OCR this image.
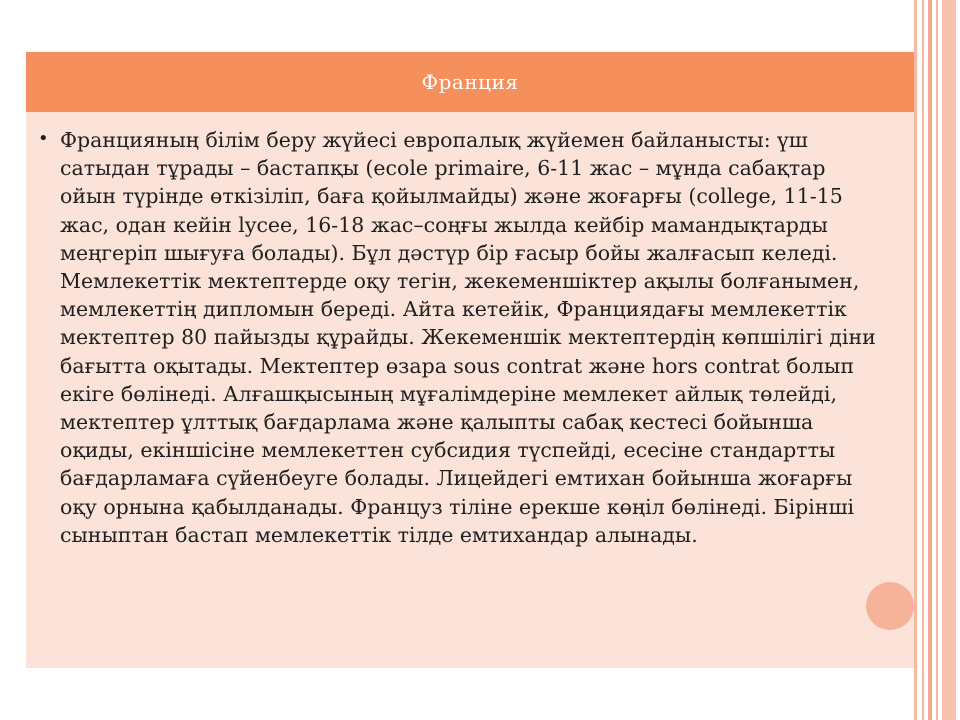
Франция
• Францияның білім беру жүйесі европалық жүйемен байланысты: үш сатыдан тұрады – бастапқы (ecole primaire, 6-11 жас – мұнда сабақтар ойын түрінде өткізіліп, баға қойылмайды) және жоғарғы (college, 11-15 жас, одан кейін lycee, 16-18 жас–соңғы жылда кейбір мамандықтарды меңгеріп шығуға болады). Бұл дәстүр бір ғасыр бойы жалғасып келеді. Мемлекеттік мектептерде оқу тегін, жекеменшіктер ақылы болғанымен, мемлекеттің дипломын береді. Айта кетейік, Франциядағы мемлекеттік мектептер 80 пайызды құрайды. Жекеменшік мектептердің көпшілігі діни бағытта оқытады. Мектептер өзара sous contrat және hors contrat болып екіге бөлінеді. Алғашқысының мұғалімдеріне мемлекет айлық төлейді, мектептер ұлттық бағдарлама және қалыпты сабақ кестесі бойынша оқиды, екіншісіне мемлекеттен субсидия түспейді, есесіне стандартты бағдарламаға сүйенбеуге болады. Лицейдегі емтихан бойынша жоғарғы оқу орнына қабылданады. Француз тіліне ерекше көңіл бөлінеді. Бірінші сыныптан бастап мемлекеттік тілде емтихандар алынады.
